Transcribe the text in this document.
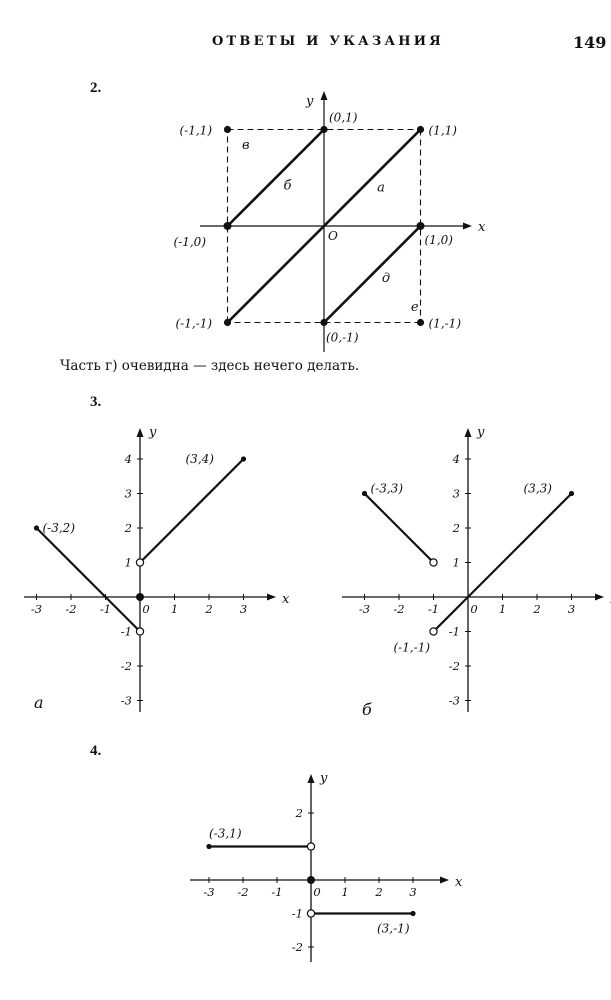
ОТВЕТЫ И УКАЗАНИЯ	149
2.
Часть г) очевидна — здесь нечего делать.
3.
4.
x
y
O
а
б
д
в
е
(-1,1)
(0,1)
(1,1)
(-1,0)	(1,0)
(-1,-1)
(0,-1)
(1,-1)
x
y
-3 -2 -1	0 1 2 3
-3
-2
-1
1
2
3
4
(-3,2)
(3,4)
а
y
-3 -2 -1	0 1 2 3
-3
-2
-1
1
2
3
4
(-3,3)	(3,3)
(-1,-1)
б
x
y
-3 -2 -1	0 1 2 3
-2
-1
2
(-3,1)
(3,-1)
